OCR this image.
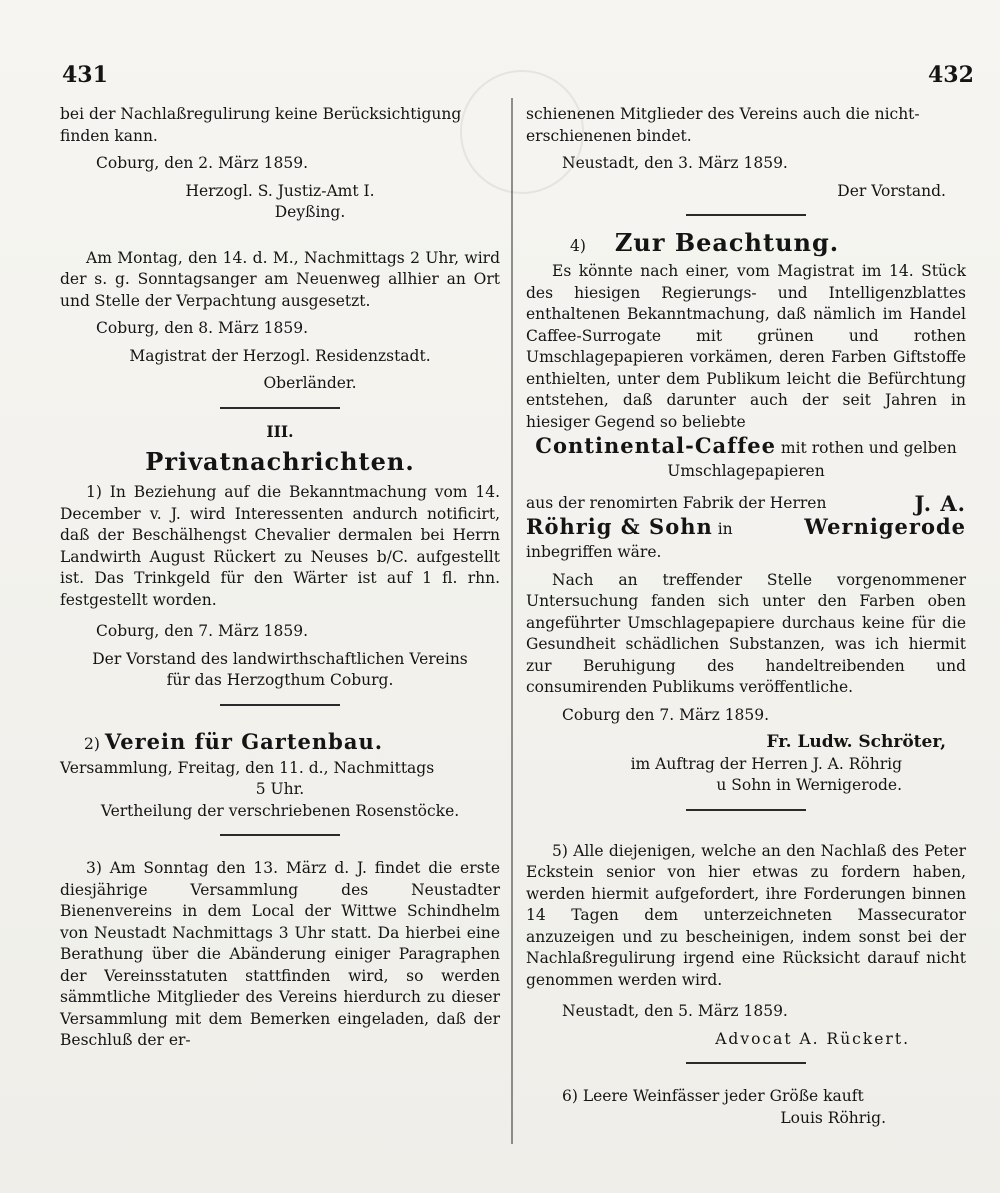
431	432

bei der Nachlaßregulirung keine Berücksichtigung

finden kann.

Coburg, den 2. März 1859.

Herzogl. S. Justiz-Amt I.

Deyßing.

Am Montag, den 14. d. M., Nachmittags 2 Uhr, wird der s. g. Sonntagsanger am Neuenweg allhier an Ort und Stelle der Verpachtung ausgesetzt.

Coburg, den 8. März 1859.

Magistrat der Herzogl. Residenzstadt.

Oberländer.

III.

Privatnachrichten.

1) In Beziehung auf die Bekanntmachung vom 14. December v. J. wird Interessenten andurch notificirt, daß der Beschälhengst Chevalier dermalen bei Herrn Landwirth August Rückert zu Neuses b/C. aufgestellt ist. Das Trinkgeld für den Wärter ist auf 1 fl. rhn. festgestellt worden.

Coburg, den 7. März 1859.

Der Vorstand des landwirthschaftlichen Vereins

für das Herzogthum Coburg.

2) Verein für Gartenbau.

Versammlung, Freitag, den 11. d., Nachmittags

5 Uhr.

Vertheilung der verschriebenen Rosenstöcke.

3) Am Sonntag den 13. März d. J. findet die erste diesjährige Versammlung des Neustadter Bienenvereins in dem Local der Wittwe Schindhelm von Neustadt Nachmittags 3 Uhr statt. Da hierbei eine Berathung über die Abänderung einiger Paragraphen der Vereinsstatuten stattfinden wird, so werden sämmtliche Mitglieder des Vereins hierdurch zu dieser Versammlung mit dem Bemerken eingeladen, daß der Beschluß der er-

schienenen Mitglieder des Vereins auch die nicht-

erschienenen bindet.

Neustadt, den 3. März 1859.

Der Vorstand.

4) Zur Beachtung.

Es könnte nach einer, vom Magistrat im 14. Stück des hiesigen Regierungs- und Intelligenzblattes enthaltenen Bekanntmachung, daß nämlich im Handel Caffee-Surrogate mit grünen und rothen Umschlagepapieren vorkämen, deren Farben Giftstoffe enthielten, unter dem Publikum leicht die Befürchtung entstehen, daß darunter auch der seit Jahren in hiesiger Gegend so beliebte

Continental-Caffee mit rothen und gelben

Umschlagepapieren

aus der renomirten Fabrik der Herren	J. A.

Röhrig & Sohn in	Wernigerode

inbegriffen wäre.

Nach an treffender Stelle vorgenommener Untersuchung fanden sich unter den Farben oben angeführter Umschlagepapiere durchaus keine für die Gesundheit schädlichen Substanzen, was ich hiermit zur Beruhigung des handeltreibenden und consumirenden Publikums veröffentliche.

Coburg den 7. März 1859.

Fr. Ludw. Schröter,

im Auftrag der Herren J. A. Röhrig

u Sohn in Wernigerode.

5) Alle diejenigen, welche an den Nachlaß des Peter Eckstein senior von hier etwas zu fordern haben, werden hiermit aufgefordert, ihre Forderungen binnen 14 Tagen dem unterzeichneten Massecurator anzuzeigen und zu bescheinigen, indem sonst bei der Nachlaßregulirung irgend eine Rücksicht darauf nicht genommen werden wird.

Neustadt, den 5. März 1859.

Advocat A. Rückert.

6) Leere Weinfässer jeder Größe kauft

Louis Röhrig.
